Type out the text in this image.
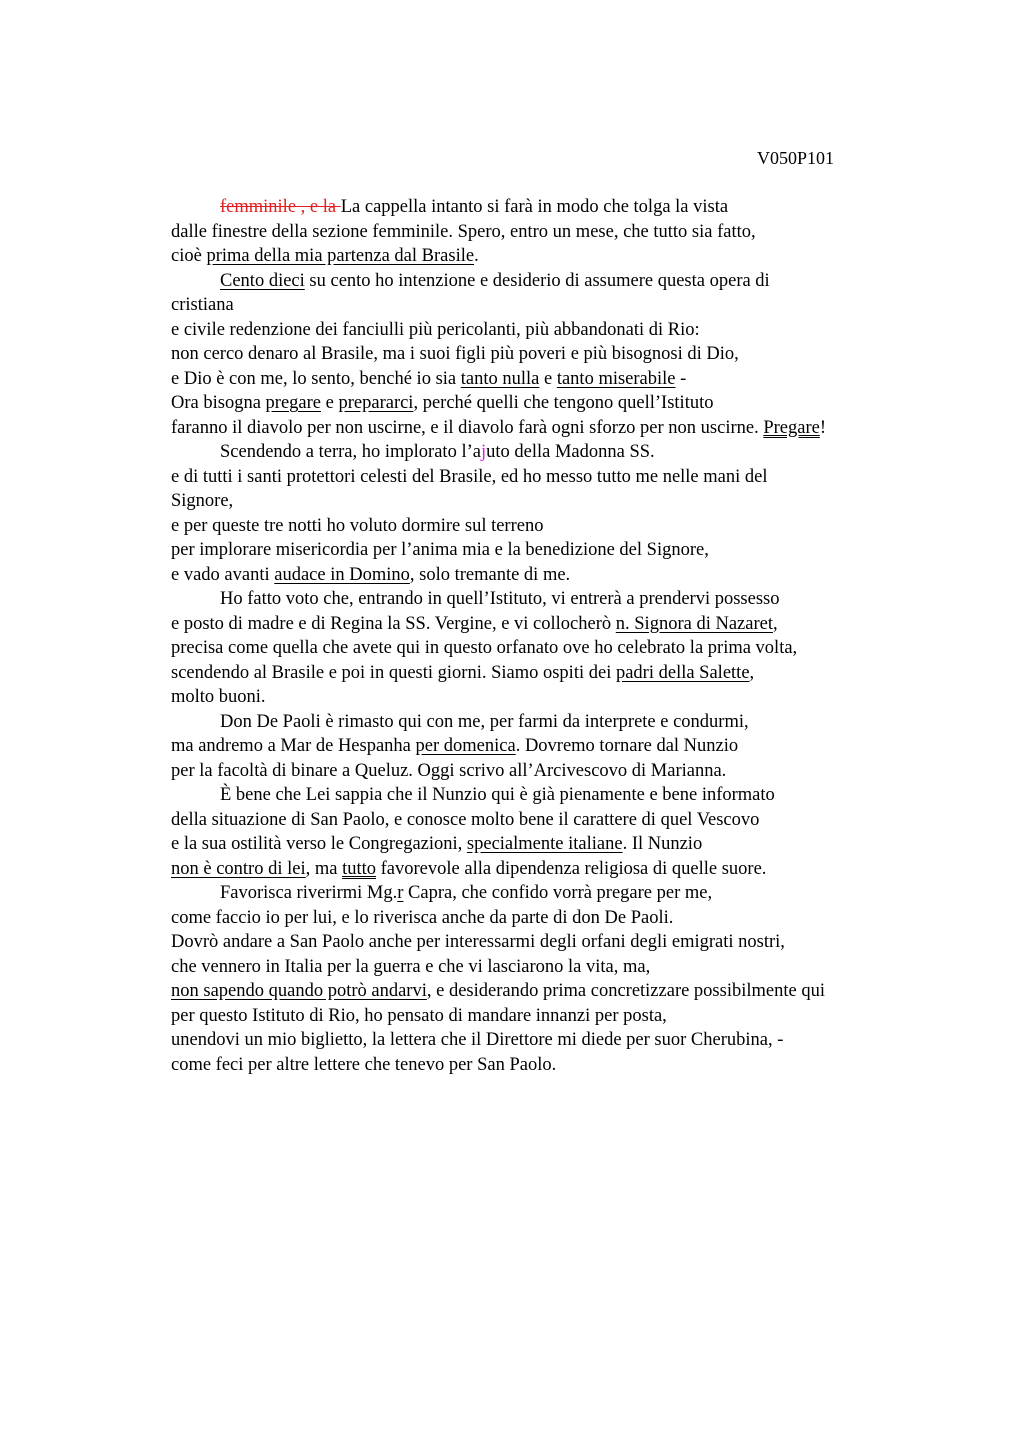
V050P101
femminile , e la La cappella intanto si farà in modo che tolga la vista
dalle finestre della sezione femminile. Spero, entro un mese, che tutto sia fatto,
cioè prima della mia partenza dal Brasile.
Cento dieci su cento ho intenzione e desiderio di assumere questa opera di
cristiana
e civile redenzione dei fanciulli più pericolanti, più abbandonati di Rio:
non cerco denaro al Brasile, ma i suoi figli più poveri e più bisognosi di Dio,
e Dio è con me, lo sento, benché io sia tanto nulla e tanto miserabile -
Ora bisogna pregare e prepararci, perché quelli che tengono quell’Istituto
faranno il diavolo per non uscirne, e il diavolo farà ogni sforzo per non uscirne. Pregare!
Scendendo a terra, ho implorato l’ajuto della Madonna SS.
e di tutti i santi protettori celesti del Brasile, ed ho messo tutto me nelle mani del
Signore,
e per queste tre notti ho voluto dormire sul terreno
per implorare misericordia per l’anima mia e la benedizione del Signore,
e vado avanti audace in Domino, solo tremante di me.
Ho fatto voto che, entrando in quell’Istituto, vi entrerà a prendervi possesso
e posto di madre e di Regina la SS. Vergine, e vi collocherò n. Signora di Nazaret,
precisa come quella che avete qui in questo orfanato ove ho celebrato la prima volta,
scendendo al Brasile e poi in questi giorni. Siamo ospiti dei padri della Salette,
molto buoni.
Don De Paoli è rimasto qui con me, per farmi da interprete e condurmi,
ma andremo a Mar de Hespanha per domenica. Dovremo tornare dal Nunzio
per la facoltà di binare a Queluz. Oggi scrivo all’Arcivescovo di Marianna.
È bene che Lei sappia che il Nunzio qui è già pienamente e bene informato
della situazione di San Paolo, e conosce molto bene il carattere di quel Vescovo
e la sua ostilità verso le Congregazioni, specialmente italiane. Il Nunzio
non è contro di lei, ma tutto favorevole alla dipendenza religiosa di quelle suore.
Favorisca riverirmi Mg.r Capra, che confido vorrà pregare per me,
come faccio io per lui, e lo riverisca anche da parte di don De Paoli.
Dovrò andare a San Paolo anche per interessarmi degli orfani degli emigrati nostri,
che vennero in Italia per la guerra e che vi lasciarono la vita, ma,
non sapendo quando potrò andarvi, e desiderando prima concretizzare possibilmente qui
per questo Istituto di Rio, ho pensato di mandare innanzi per posta,
unendovi un mio biglietto, la lettera che il Direttore mi diede per suor Cherubina, -
come feci per altre lettere che tenevo per San Paolo.
